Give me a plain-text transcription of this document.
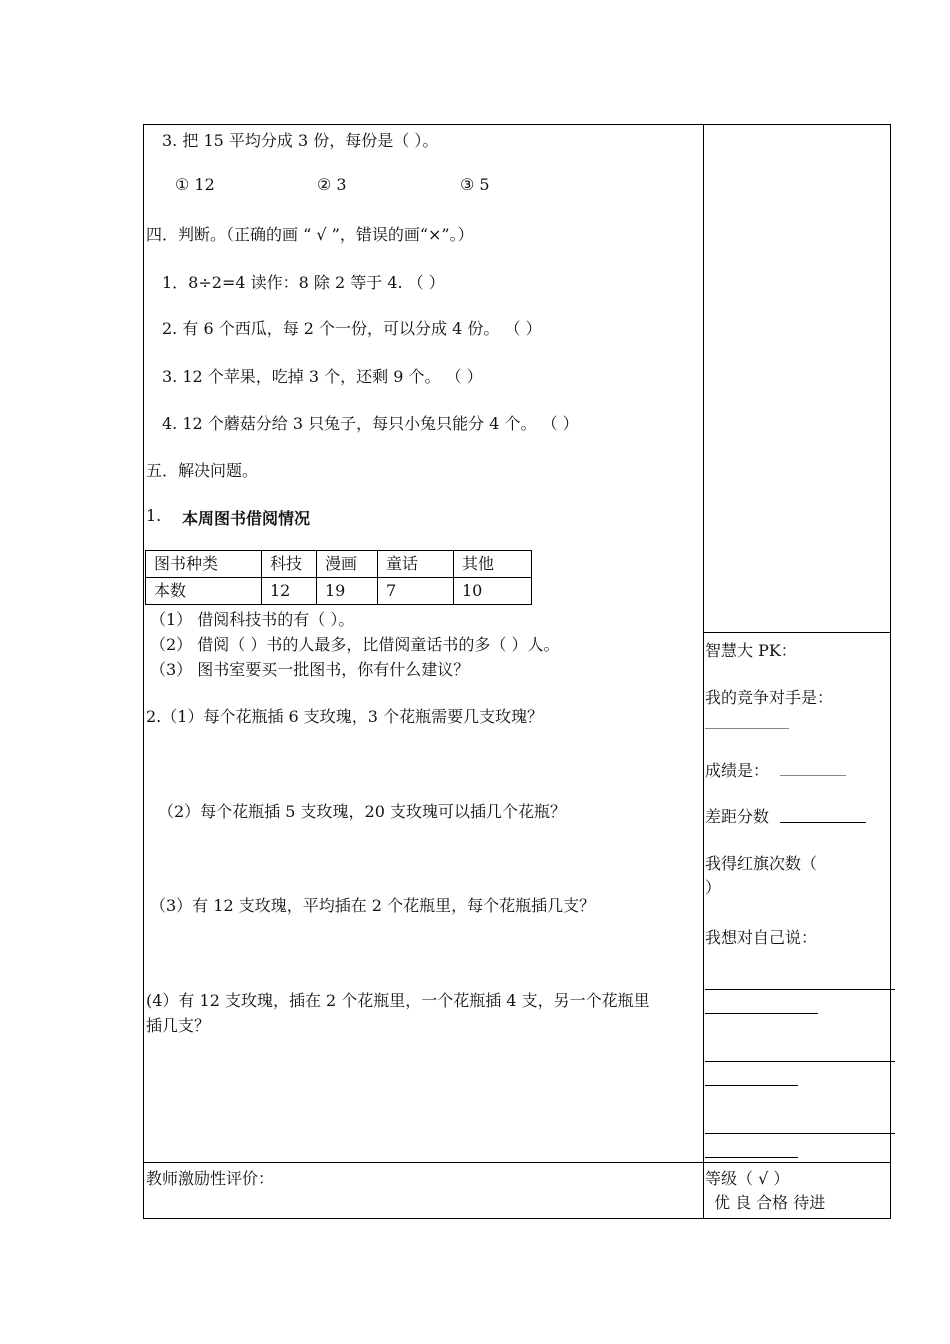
3. 把 15 平均分成 3 份，每份是（ ）。
① 12	② 3	③ 5
四．判断。（正确的画 “ √ ”，错误的画“×”。）
1．8÷2=4 读作：8 除 2 等于 4. （ ）
2. 有 6 个西瓜，每 2 个一份，可以分成 4 份。 （ ）
3. 12 个苹果，吃掉 3 个，还剩 9 个。 （ ）
4. 12 个蘑菇分给 3 只兔子，每只小兔只能分 4 个。 （ ）
五．解决问题。
1. 本周图书借阅情况
图书种类	科技	漫画	童话	其他
本数	12	19	7	10
（1） 借阅科技书的有（ ）。
（2） 借阅（ ）书的人最多，比借阅童话书的多（ ）人。
（3） 图书室要买一批图书，你有什么建议？
2.（1）每个花瓶插 6 支玫瑰，3 个花瓶需要几支玫瑰？
（2）每个花瓶插 5 支玫瑰，20 支玫瑰可以插几个花瓶？
（3）有 12 支玫瑰，平均插在 2 个花瓶里，每个花瓶插几支？
(4）有 12 支玫瑰，插在 2 个花瓶里，一个花瓶插 4 支，另一个花瓶里
插几支？
智慧大 PK：
我的竞争对手是：
成绩是：
差距分数
我得红旗次数（
）
我想对自己说：
教师激励性评价：	等级（ √ ）
优 良 合格 待进
